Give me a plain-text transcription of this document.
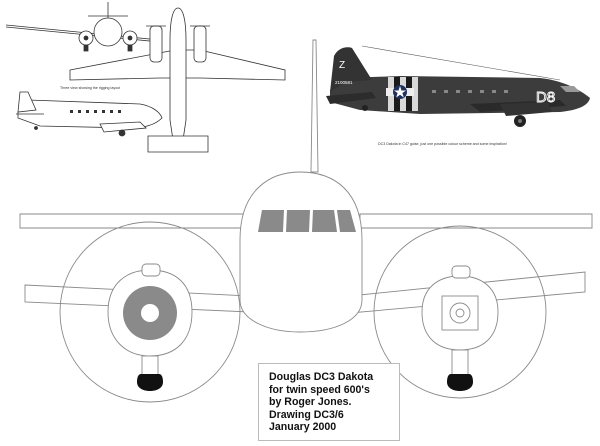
Z
2100581
D8
Three view showing the rigging layout
DC3 Dakota in C47 guise, just one possible colour scheme and some inspiration!
Douglas DC3 Dakota
for twin speed 600's
by Roger Jones.
Drawing DC3/6
January 2000
